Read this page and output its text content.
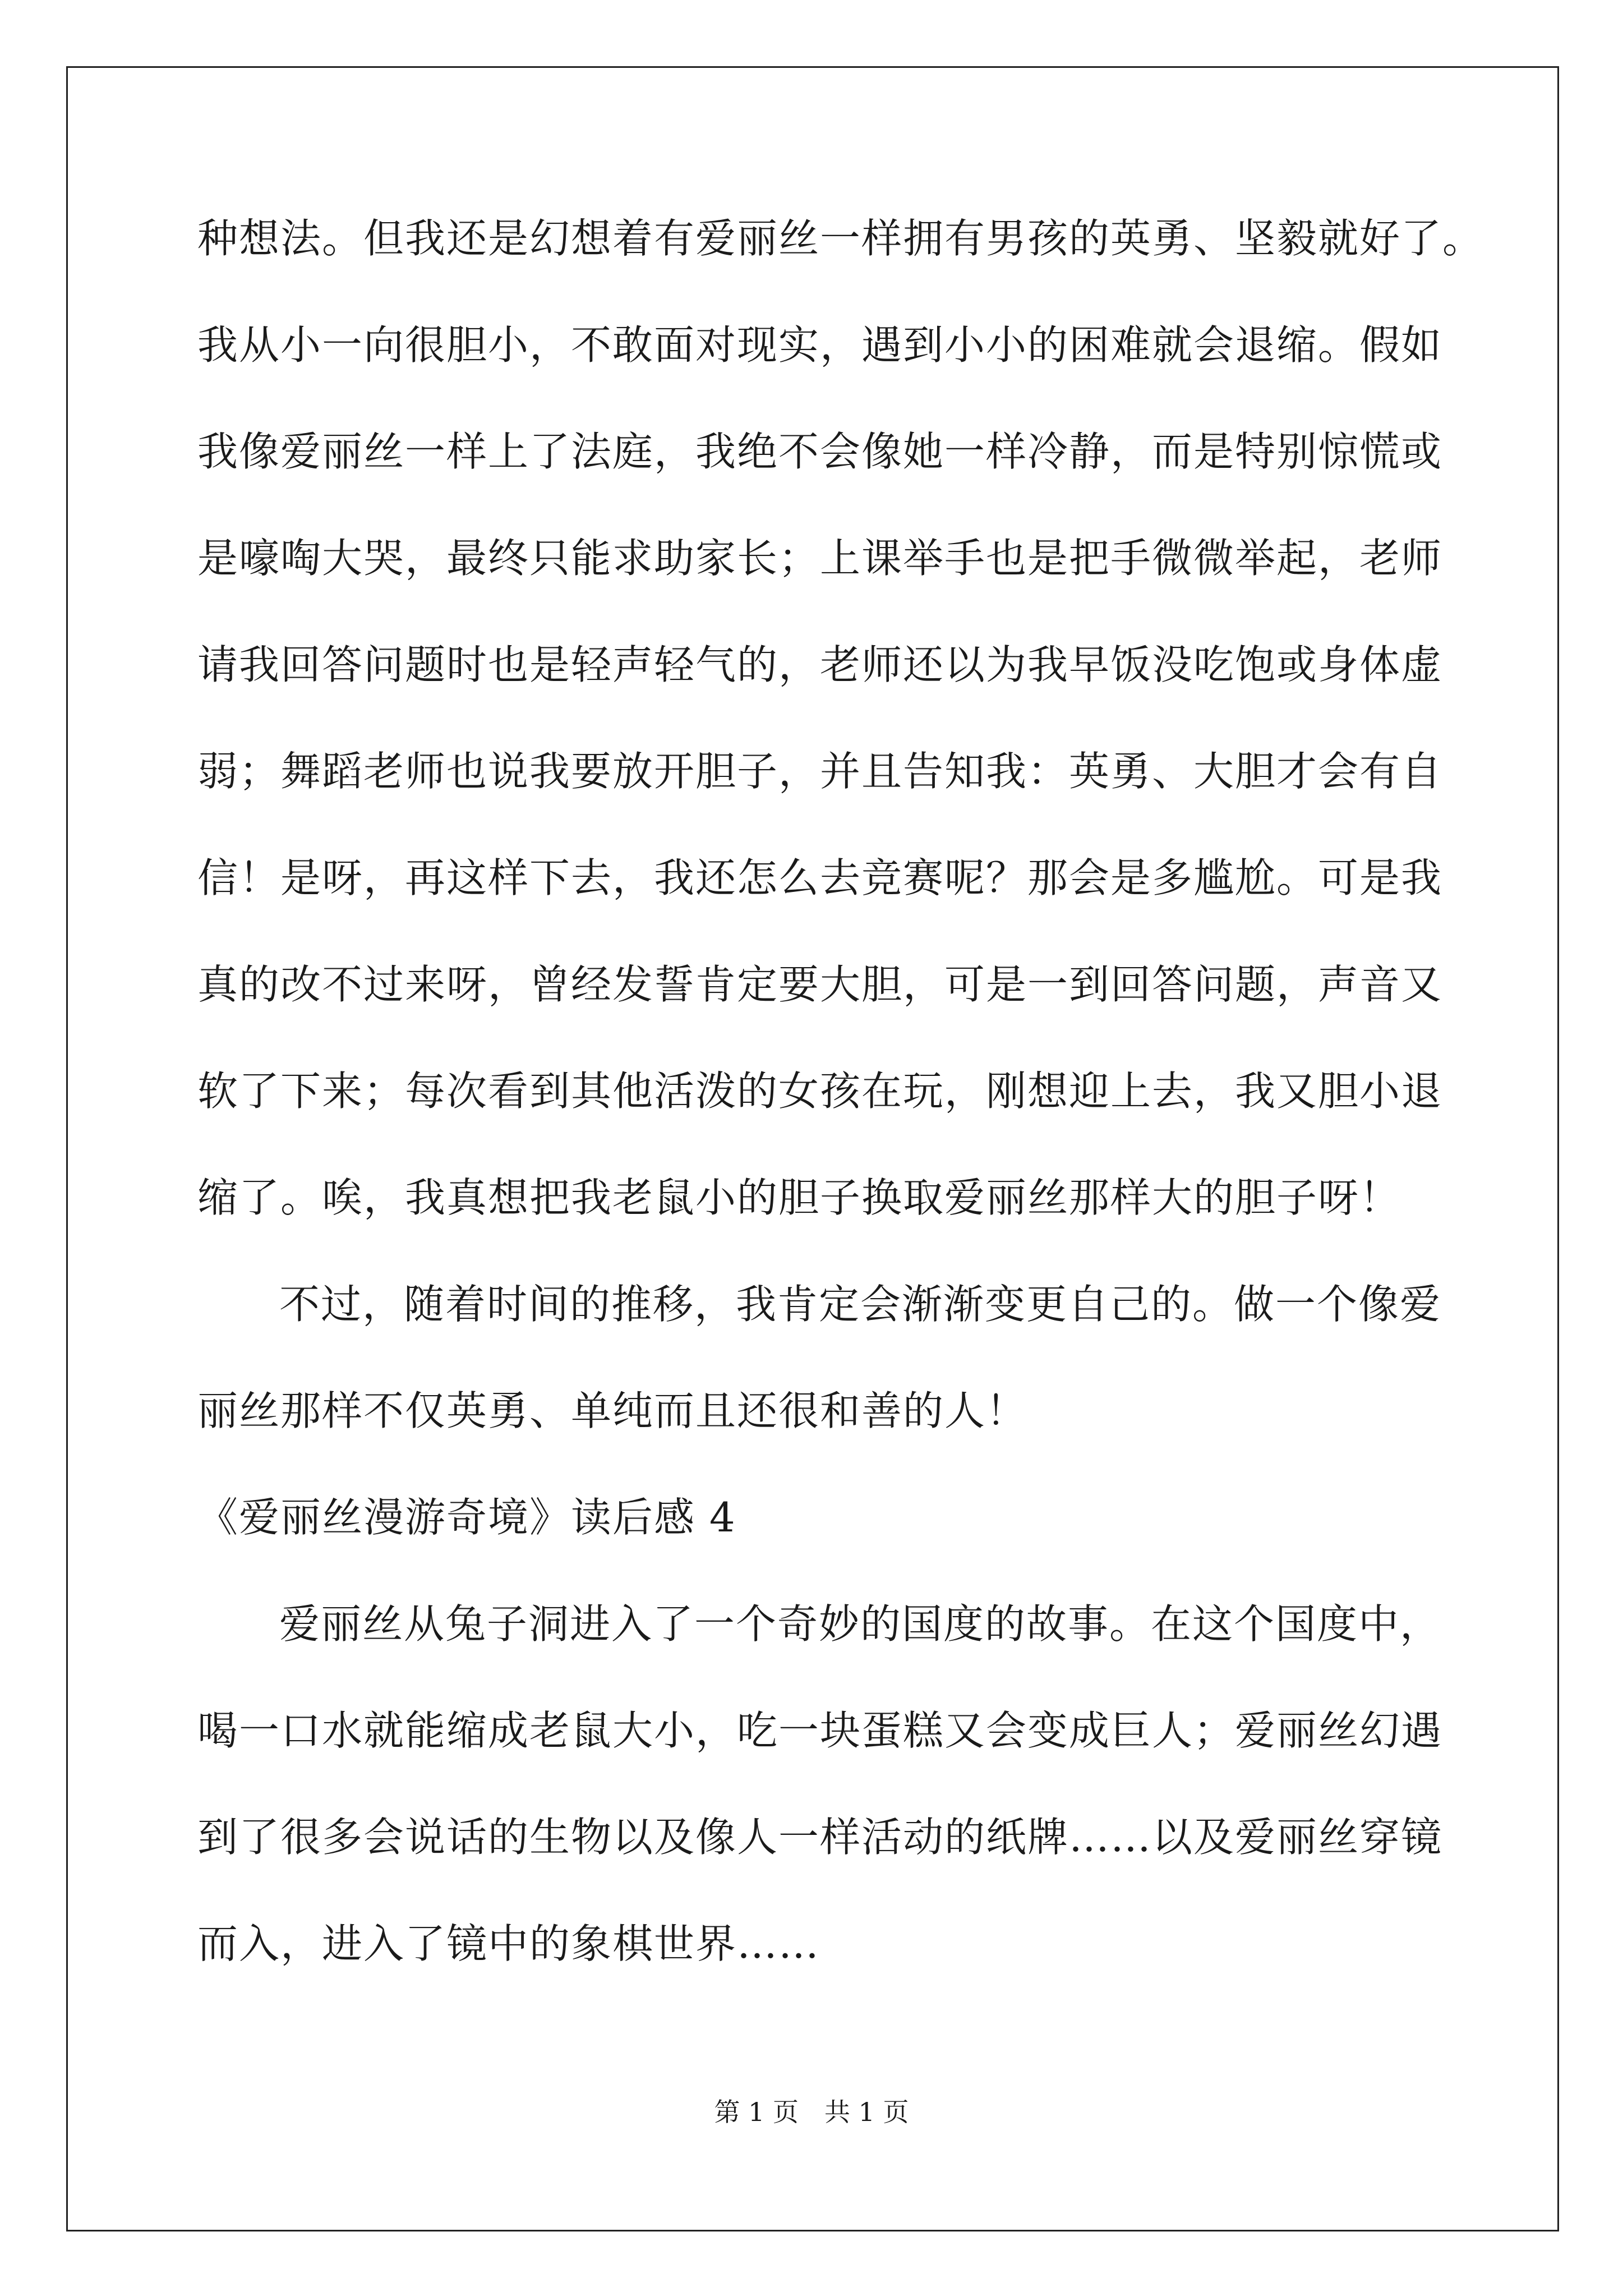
种想法。但我还是幻想着有爱丽丝一样拥有男孩的英勇、坚毅就好了。
我从小一向很胆小，不敢面对现实，遇到小小的困难就会退缩。假如
我像爱丽丝一样上了法庭，我绝不会像她一样冷静，而是特别惊慌或
是嚎啕大哭，最终只能求助家长；上课举手也是把手微微举起，老师
请我回答问题时也是轻声轻气的，老师还以为我早饭没吃饱或身体虚
弱；舞蹈老师也说我要放开胆子，并且告知我：英勇、大胆才会有自
信！是呀，再这样下去，我还怎么去竞赛呢？那会是多尴尬。可是我
真的改不过来呀，曾经发誓肯定要大胆，可是一到回答问题，声音又
软了下来；每次看到其他活泼的女孩在玩，刚想迎上去，我又胆小退
缩了。唉，我真想把我老鼠小的胆子换取爱丽丝那样大的胆子呀！
不过，随着时间的推移，我肯定会渐渐变更自己的。做一个像爱
丽丝那样不仅英勇、单纯而且还很和善的人！
《爱丽丝漫游奇境》读后感 4
爱丽丝从兔子洞进入了一个奇妙的国度的故事。在这个国度中，
喝一口水就能缩成老鼠大小，吃一块蛋糕又会变成巨人；爱丽丝幻遇
到了很多会说话的生物以及像人一样活动的纸牌……以及爱丽丝穿镜
而入，进入了镜中的象棋世界……
第 1 页　共 1 页
